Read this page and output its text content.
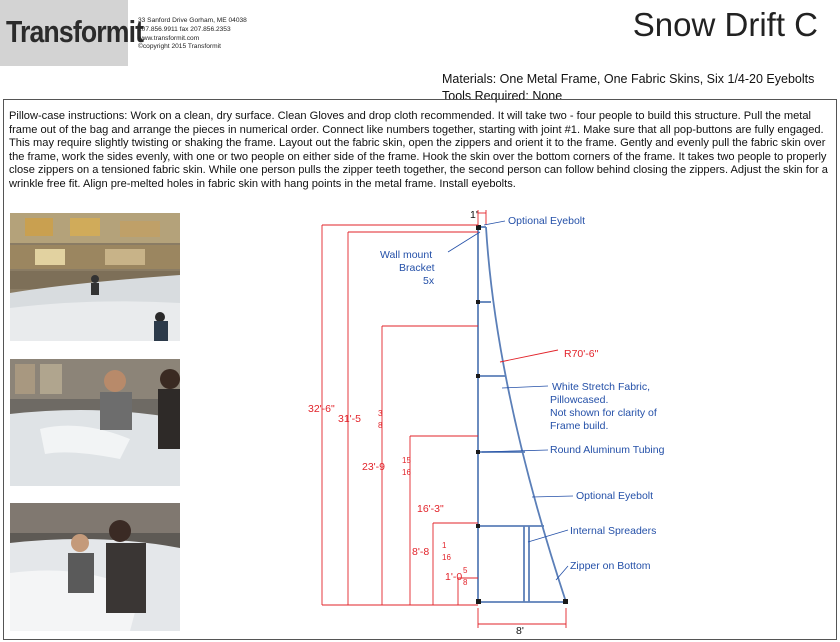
Transformit
33 Sanford Drive Gorham, ME 04038
207.856.9911 fax 207.856.2353
www.transformit.com
©copyright 2015 Transformit
Snow Drift C
Materials: One Metal Frame, One Fabric Skins, Six 1/4-20 Eyebolts
Tools Required: None
Pillow-case instructions: Work on a clean, dry surface. Clean Gloves and drop cloth recommended. It will take two - four people to build this structure. Pull the metal frame out of the bag and arrange the pieces in numerical order. Connect like numbers together, starting with joint #1. Make sure that all pop-buttons are fully engaged. This may require slightly twisting or shaking the frame. Layout out the fabric skin, open the zippers and orient it to the frame. Gently and evenly pull the fabric skin over the frame, work the sides evenly, with one or two people on either side of the frame. Hook the skin over the bottom corners of the frame. It takes two people to properly close zippers on a tensioned fabric skin. While one person pulls the zipper teeth together, the second person can follow behind closing the zippers. Adjust the skin for a wrinkle free fit. Align pre-melted holes in fabric skin with hang points in the metal frame. Install eyebolts.
1'
32'-6"
31'-5 3
8
23'-9
15
16
16'-3"
8'-8
1
16
1'-0
5
8
8'
R70'-6"
Optional Eyebolt
Wall mount
Bracket
5x
White Stretch Fabric,
Pillowcased.
Not shown for clarity of
Frame build.
Round Aluminum Tubing
Optional Eyebolt
Internal Spreaders
Zipper on Bottom
